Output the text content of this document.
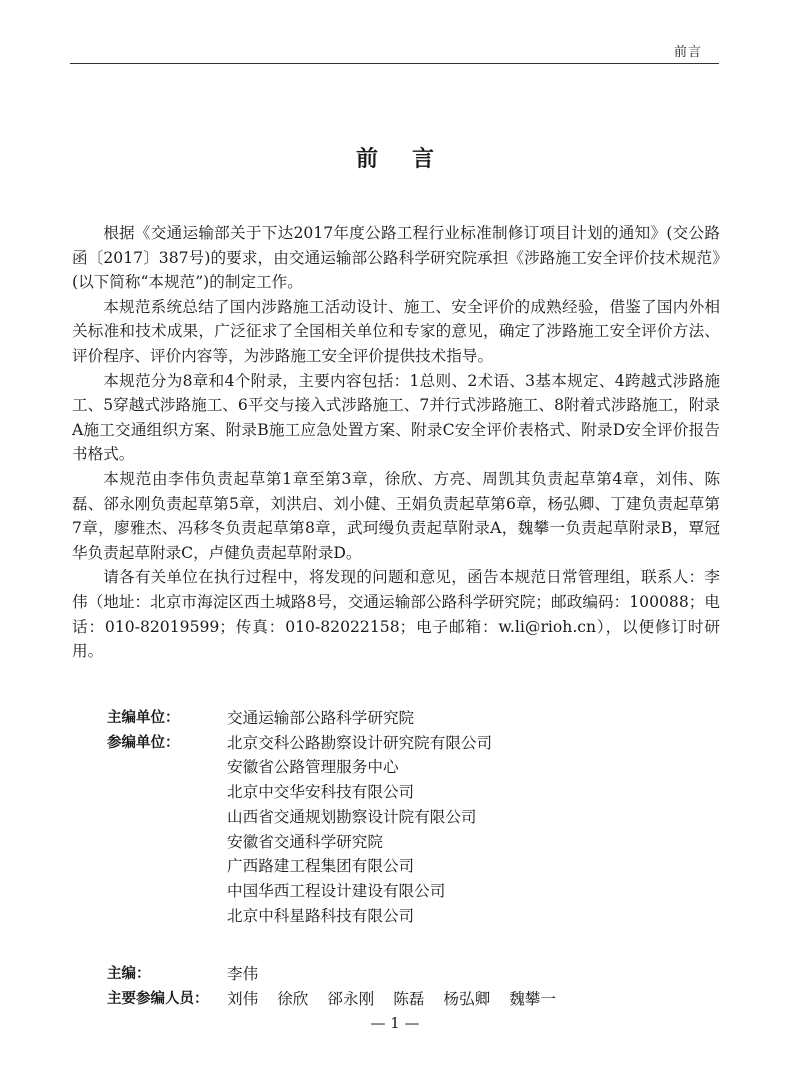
前言
前言

根据《交通运输部关于下达2017年度公路工程行业标准制修订项目计划的通知》(交公路函〔2017〕387号)的要求，由交通运输部公路科学研究院承担《涉路施工安全评价技术规范》(以下简称“本规范”)的制定工作。

本规范系统总结了国内涉路施工活动设计、施工、安全评价的成熟经验，借鉴了国内外相关标准和技术成果，广泛征求了全国相关单位和专家的意见，确定了涉路施工安全评价方法、评价程序、评价内容等，为涉路施工安全评价提供技术指导。

本规范分为8章和4个附录，主要内容包括：1总则、2术语、3基本规定、4跨越式涉路施工、5穿越式涉路施工、6平交与接入式涉路施工、7并行式涉路施工、8附着式涉路施工，附录A施工交通组织方案、附录B施工应急处置方案、附录C安全评价表格式、附录D安全评价报告书格式。

本规范由李伟负责起草第1章至第3章，徐欣、方亮、周凯其负责起草第4章，刘伟、陈磊、郤永刚负责起草第5章，刘洪启、刘小健、王娟负责起草第6章，杨弘卿、丁建负责起草第7章，廖雅杰、冯移冬负责起草第8章，武珂缦负责起草附录A，魏攀一负责起草附录B，覃冠华负责起草附录C，卢健负责起草附录D。

请各有关单位在执行过程中，将发现的问题和意见，函告本规范日常管理组，联系人：李伟（地址：北京市海淀区西土城路8号，交通运输部公路科学研究院；邮政编码：100088；电话：010-82019599；传真：010-82022158；电子邮箱：w.li@rioh.cn），以便修订时研用。

主编单位：	交通运输部公路科学研究院
参编单位：	北京交科公路勘察设计研究院有限公司
安徽省公路管理服务中心
北京中交华安科技有限公司
山西省交通规划勘察设计院有限公司
安徽省交通科学研究院
广西路建工程集团有限公司
中国华西工程设计建设有限公司
北京中科星路科技有限公司
主编：	李伟
主要参编人员：	刘伟 徐欣 郤永刚 陈磊 杨弘卿 魏攀一
— 1 —
